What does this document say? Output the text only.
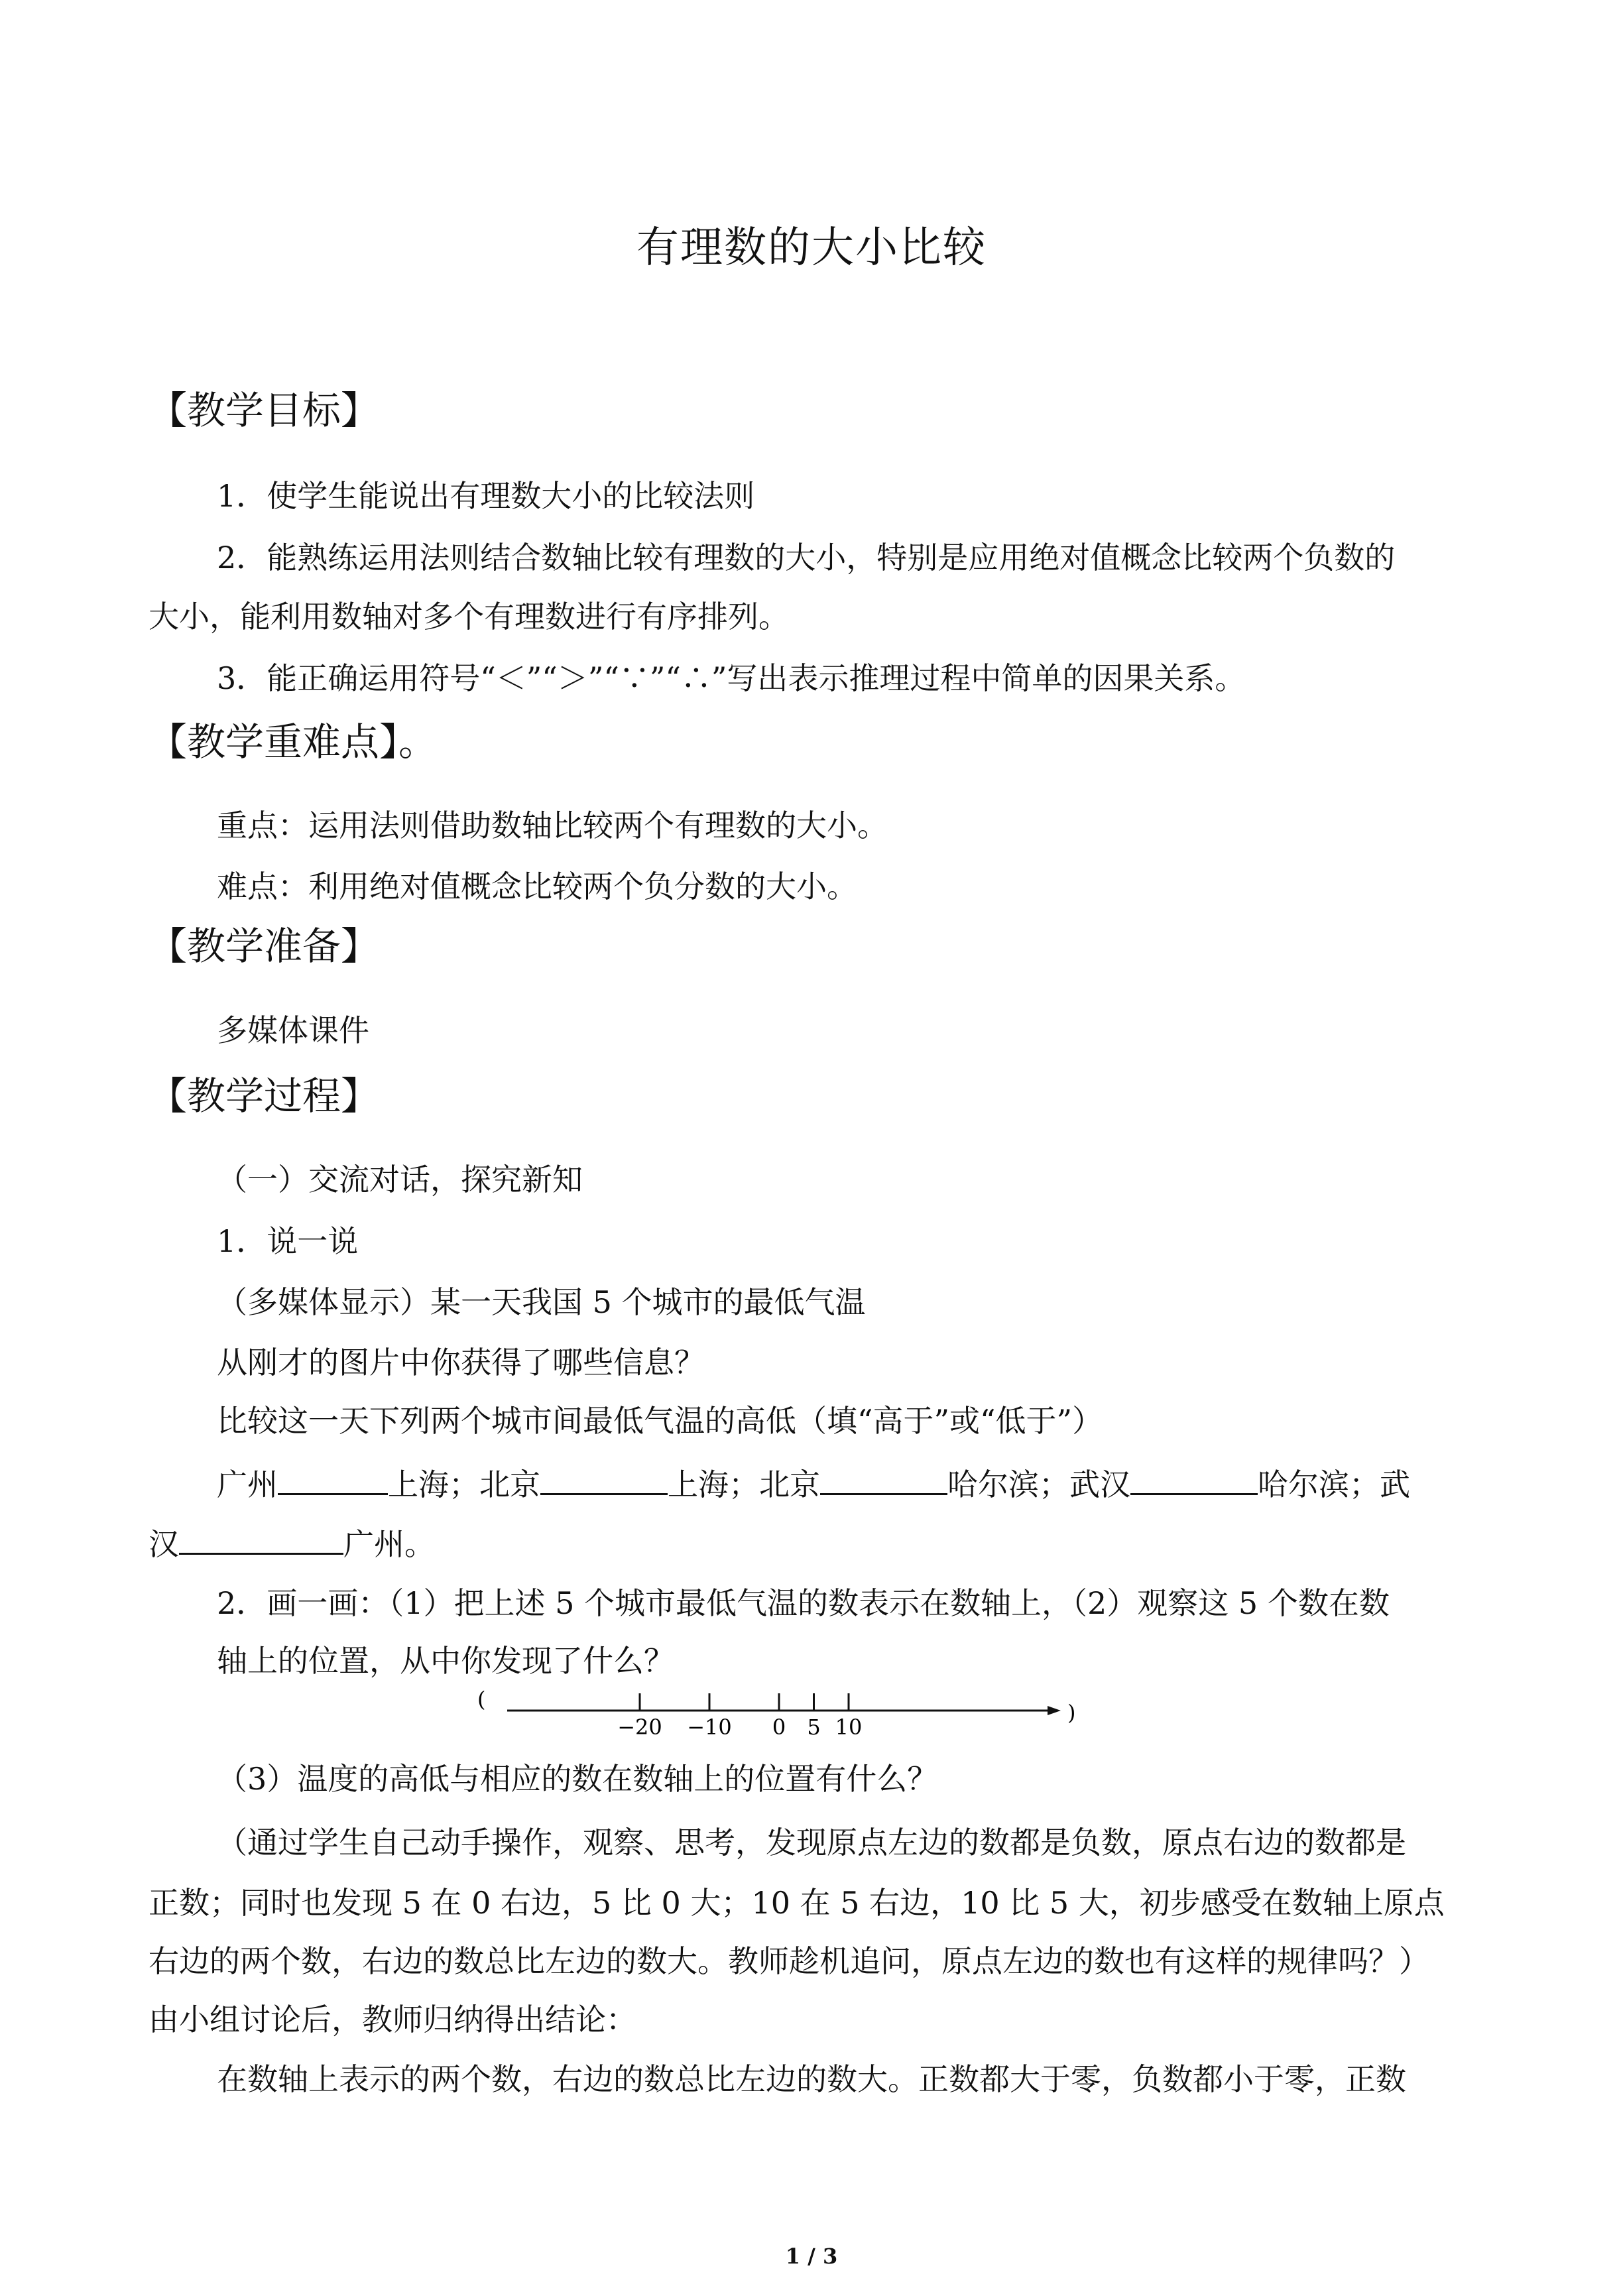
有理数的大小比较
【教学目标】
1．使学生能说出有理数大小的比较法则
2．能熟练运用法则结合数轴比较有理数的大小，特别是应用绝对值概念比较两个负数的
大小，能利用数轴对多个有理数进行有序排列。
3．能正确运用符号“＜”“＞”“∵”“∴”写出表示推理过程中简单的因果关系。
【教学重难点】。
重点：运用法则借助数轴比较两个有理数的大小。
难点：利用绝对值概念比较两个负分数的大小。
【教学准备】
多媒体课件
【教学过程】
（一）交流对话，探究新知
1．说一说
（多媒体显示）某一天我国 5 个城市的最低气温
从刚才的图片中你获得了哪些信息？
比较这一天下列两个城市间最低气温的高低（填“高于”或“低于”）
广州	上海；北京	上海；北京	哈尔滨；武汉	哈尔滨；武
汉	广州。
2．画一画：（1）把上述 5 个城市最低气温的数表示在数轴上，（2）观察这 5 个数在数
轴上的位置，从中你发现了什么？
(
)
−20 −10 0 5 10
（3）温度的高低与相应的数在数轴上的位置有什么？
（通过学生自己动手操作，观察、思考，发现原点左边的数都是负数，原点右边的数都是
正数；同时也发现 5 在 0 右边，5 比 0 大；10 在 5 右边，10 比 5 大，初步感受在数轴上原点
右边的两个数，右边的数总比左边的数大。教师趁机追问，原点左边的数也有这样的规律吗？）
由小组讨论后，教师归纳得出结论：
在数轴上表示的两个数，右边的数总比左边的数大。正数都大于零，负数都小于零，正数
1 / 3
